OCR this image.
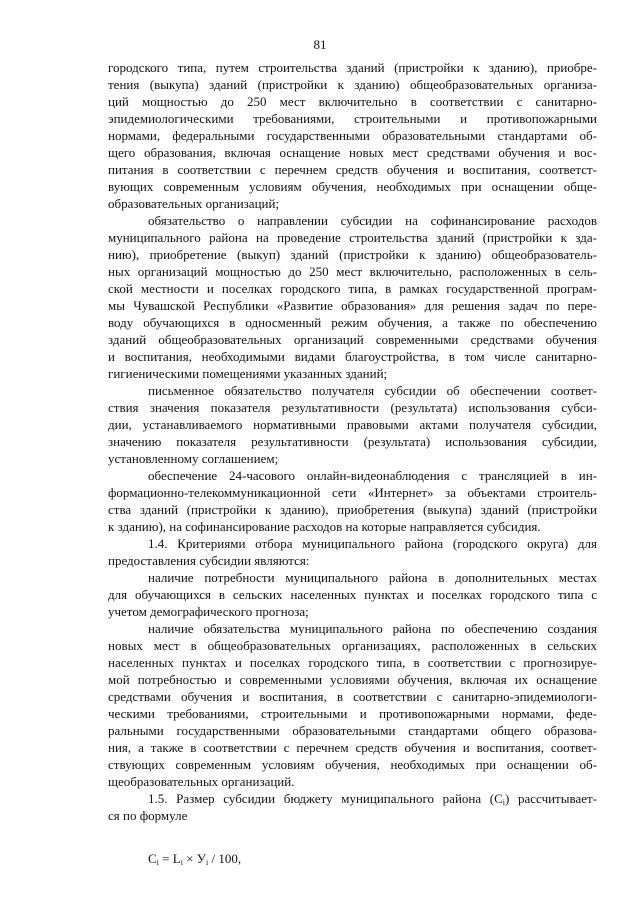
81

городского типа, путем строительства зданий (пристройки к зданию), приобре-
тения (выкупа) зданий (пристройки к зданию) общеобразовательных организа-
ций мощностью до 250 мест включительно в соответствии с санитарно-
эпидемиологическими требованиями, строительными и противопожарными
нормами, федеральными государственными образовательными стандартами об-
щего образования, включая оснащение новых мест средствами обучения и вос-
питания в соответствии с перечнем средств обучения и воспитания, соответст-
вующих современным условиям обучения, необходимых при оснащении обще-
образовательных организаций;

обязательство о направлении субсидии на софинансирование расходов
муниципального района на проведение строительства зданий (пристройки к зда-
нию), приобретение (выкуп) зданий (пристройки к зданию) общеобразователь-
ных организаций мощностью до 250 мест включительно, расположенных в сель-
ской местности и поселках городского типа, в рамках государственной програм-
мы Чувашской Республики «Развитие образования» для решения задач по пере-
воду обучающихся в односменный режим обучения, а также по обеспечению
зданий общеобразовательных организаций современными средствами обучения
и воспитания, необходимыми видами благоустройства, в том числе санитарно-
гигиеническими помещениями указанных зданий;

письменное обязательство получателя субсидии об обеспечении соответ-
ствия значения показателя результативности (результата) использования субси-
дии, устанавливаемого нормативными правовыми актами получателя субсидии,
значению показателя результативности (результата) использования субсидии,
установленному соглашением;

обеспечение 24-часового онлайн-видеонаблюдения с трансляцией в ин-
формационно-телекоммуникационной сети «Интернет» за объектами строитель-
ства зданий (пристройки к зданию), приобретения (выкупа) зданий (пристройки
к зданию), на софинансирование расходов на которые направляется субсидия.

1.4. Критериями отбора муниципального района (городского округа) для
предоставления субсидии являются:

наличие потребности муниципального района в дополнительных местах
для обучающихся в сельских населенных пунктах и поселках городского типа с
учетом демографического прогноза;

наличие обязательства муниципального района по обеспечению создания
новых мест в общеобразовательных организациях, расположенных в сельских
населенных пунктах и поселках городского типа, в соответствии с прогнозируе-
мой потребностью и современными условиями обучения, включая их оснащение
средствами обучения и воспитания, в соответствии с санитарно-эпидемиологи-
ческими требованиями, строительными и противопожарными нормами, феде-
ральными государственными образовательными стандартами общего образова-
ния, а также в соответствии с перечнем средств обучения и воспитания, соответ-
ствующих современным условиям обучения, необходимых при оснащении об-
щеобразовательных организаций.

1.5. Размер субсидии бюджету муниципального района $(C_i)$ рассчитывает-
ся по формуле

$C_i = L_i \times У_i / 100$,
